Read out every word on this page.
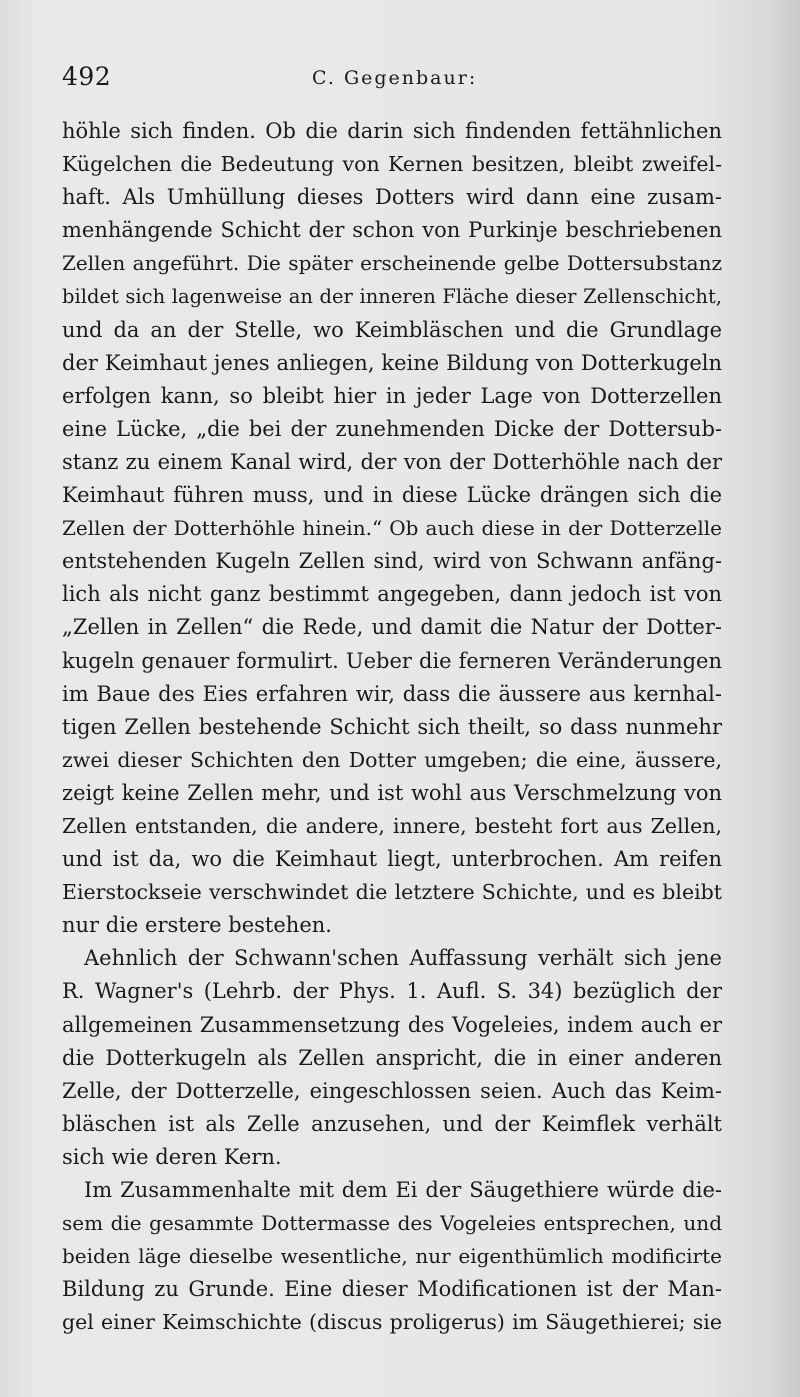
492	C. Gegenbaur:
höhle sich finden. Ob die darin sich findenden fettähnlichen
Kügelchen die Bedeutung von Kernen besitzen, bleibt zweifel-
haft. Als Umhüllung dieses Dotters wird dann eine zusam-
menhängende Schicht der schon von Purkinje beschriebenen
Zellen angeführt. Die später erscheinende gelbe Dottersubstanz
bildet sich lagenweise an der inneren Fläche dieser Zellenschicht,
und da an der Stelle, wo Keimbläschen und die Grundlage
der Keimhaut jenes anliegen, keine Bildung von Dotterkugeln
erfolgen kann, so bleibt hier in jeder Lage von Dotterzellen
eine Lücke, „die bei der zunehmenden Dicke der Dottersub-
stanz zu einem Kanal wird, der von der Dotterhöhle nach der
Keimhaut führen muss, und in diese Lücke drängen sich die
Zellen der Dotterhöhle hinein.“ Ob auch diese in der Dotterzelle
entstehenden Kugeln Zellen sind, wird von Schwann anfäng-
lich als nicht ganz bestimmt angegeben, dann jedoch ist von
„Zellen in Zellen“ die Rede, und damit die Natur der Dotter-
kugeln genauer formulirt. Ueber die ferneren Veränderungen
im Baue des Eies erfahren wir, dass die äussere aus kernhal-
tigen Zellen bestehende Schicht sich theilt, so dass nunmehr
zwei dieser Schichten den Dotter umgeben; die eine, äussere,
zeigt keine Zellen mehr, und ist wohl aus Verschmelzung von
Zellen entstanden, die andere, innere, besteht fort aus Zellen,
und ist da, wo die Keimhaut liegt, unterbrochen. Am reifen
Eierstockseie verschwindet die letztere Schichte, und es bleibt
nur die erstere bestehen.
Aehnlich der Schwann'schen Auffassung verhält sich jene
R. Wagner's (Lehrb. der Phys. 1. Aufl. S. 34) bezüglich der
allgemeinen Zusammensetzung des Vogeleies, indem auch er
die Dotterkugeln als Zellen anspricht, die in einer anderen
Zelle, der Dotterzelle, eingeschlossen seien. Auch das Keim-
bläschen ist als Zelle anzusehen, und der Keimflek verhält
sich wie deren Kern.
Im Zusammenhalte mit dem Ei der Säugethiere würde die-
sem die gesammte Dottermasse des Vogeleies entsprechen, und
beiden läge dieselbe wesentliche, nur eigenthümlich modificirte
Bildung zu Grunde. Eine dieser Modificationen ist der Man-
gel einer Keimschichte (discus proligerus) im Säugethierei; sie
